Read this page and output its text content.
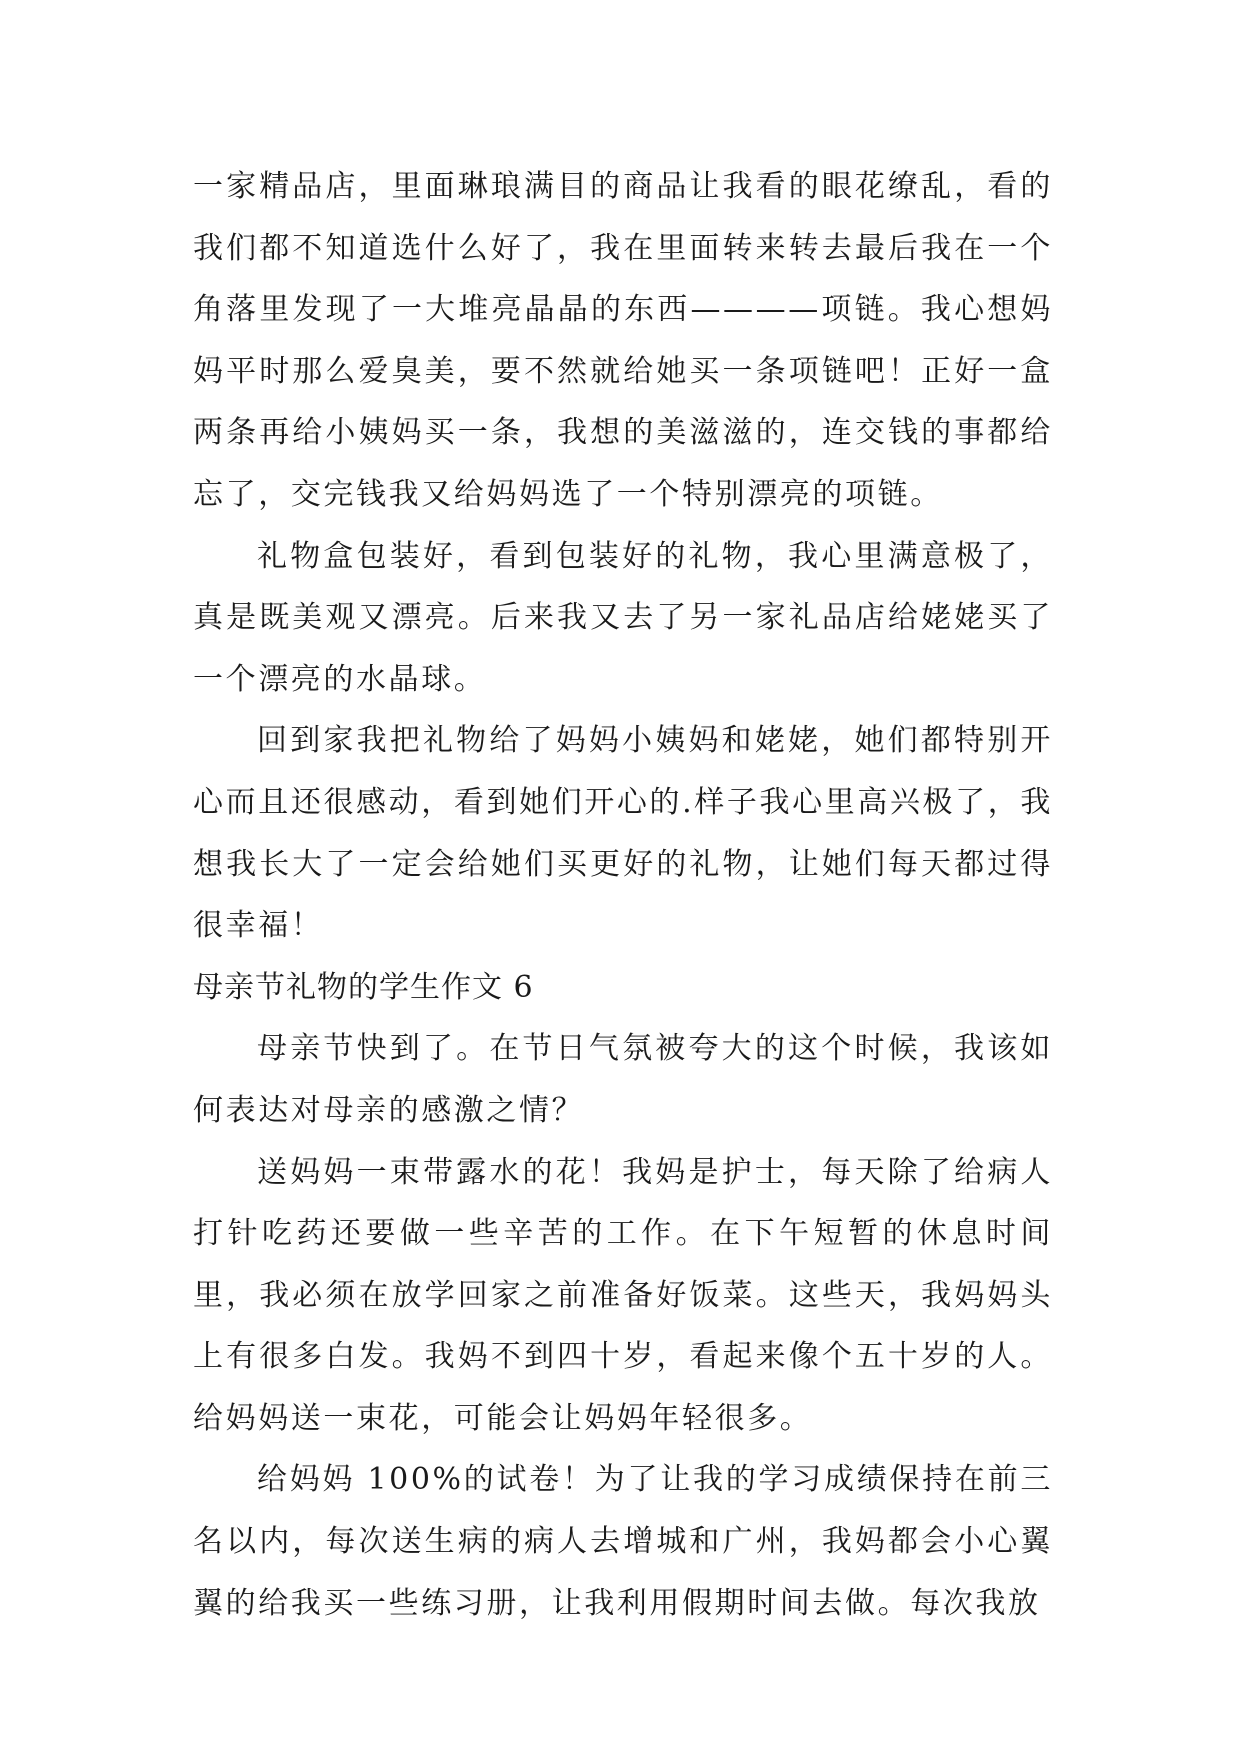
一家精品店，里面琳琅满目的商品让我看的眼花缭乱，看的我们都不知道选什么好了，我在里面转来转去最后我在一个角落里发现了一大堆亮晶晶的东西————项链。我心想妈妈平时那么爱臭美，要不然就给她买一条项链吧！正好一盒两条再给小姨妈买一条，我想的美滋滋的，连交钱的事都给忘了，交完钱我又给妈妈选了一个特别漂亮的项链。

礼物盒包装好，看到包装好的礼物，我心里满意极了，真是既美观又漂亮。后来我又去了另一家礼品店给姥姥买了一个漂亮的水晶球。

回到家我把礼物给了妈妈小姨妈和姥姥，她们都特别开心而且还很感动，看到她们开心的.样子我心里高兴极了，我想我长大了一定会给她们买更好的礼物，让她们每天都过得很幸福！

母亲节礼物的学生作文 6

母亲节快到了。在节日气氛被夸大的这个时候，我该如何表达对母亲的感激之情？

送妈妈一束带露水的花！我妈是护士，每天除了给病人打针吃药还要做一些辛苦的工作。在下午短暂的休息时间里，我必须在放学回家之前准备好饭菜。这些天，我妈妈头上有很多白发。我妈不到四十岁，看起来像个五十岁的人。给妈妈送一束花，可能会让妈妈年轻很多。

给妈妈 100%的试卷！为了让我的学习成绩保持在前三名以内，每次送生病的病人去增城和广州，我妈都会小心翼翼的给我买一些练习册，让我利用假期时间去做。每次我放
